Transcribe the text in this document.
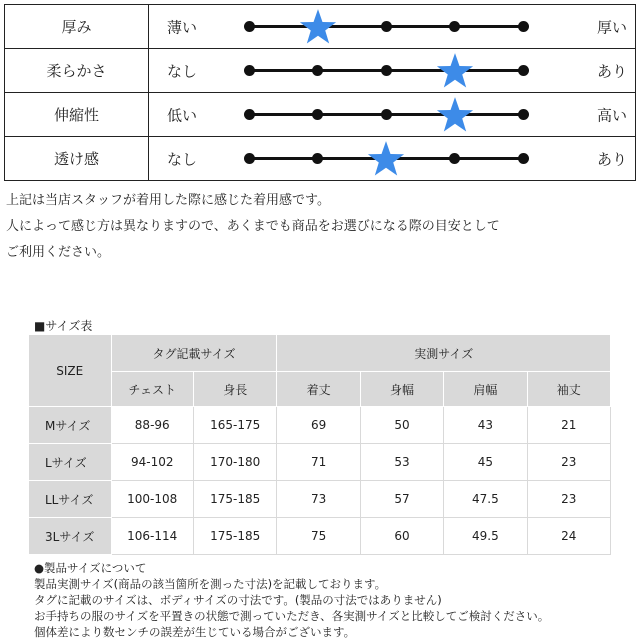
厚み	薄い 厚い

柔らかさ	なし あり

伸縮性	低い 高い

透け感	なし あり
上記は当店スタッフが着用した際に感じた着用感です。
人によって感じ方は異なりますので、あくまでも商品をお選びになる際の目安として
ご利用ください。
■サイズ表
SIZE	タグ記載サイズ		実測サイズ			
	チェスト	身長	着丈	身幅	肩幅	袖丈
Mサイズ	88-96	165-175	69	50	43	21
Lサイズ	94-102	170-180	71	53	45	23
LLサイズ	100-108	175-185	73	57	47.5	23
3Lサイズ	106-114	175-185	75	60	49.5	24
●製品サイズについて
製品実測サイズ(商品の該当箇所を測った寸法)を記載しております。
タグに記載のサイズは、ボディサイズの寸法です。(製品の寸法ではありません)
お手持ちの服のサイズを平置きの状態で測っていただき、各実測サイズと比較してご検討ください。
個体差により数センチの誤差が生じている場合がございます。
